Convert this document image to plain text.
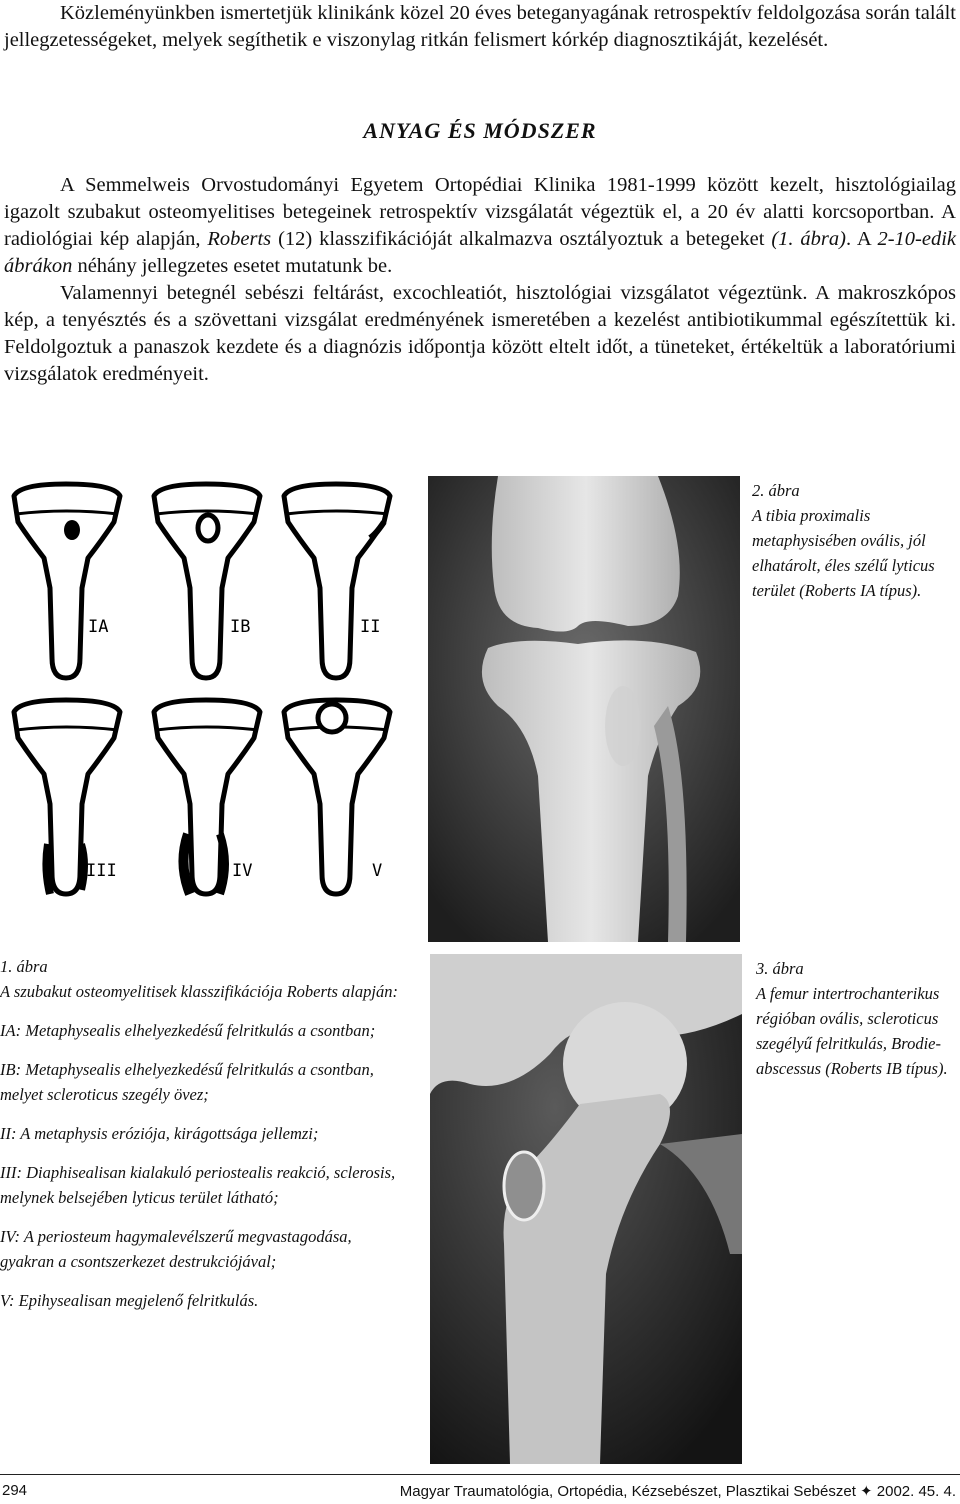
Közleményünkben ismertetjük klinikánk közel 20 éves beteganyagának retrospektív feldolgozása során talált jellegzetességeket, melyek segíthetik e viszonylag ritkán felismert kórkép diagnosztikáját, kezelését.

ANYAG ÉS MÓDSZER

A Semmelweis Orvostudományi Egyetem Ortopédiai Klinika 1981-1999 között kezelt, hisztológiailag igazolt szubakut osteomyelitises betegeinek retrospektív vizsgálatát végeztük el, a 20 év alatti korcsoportban. A radiológiai kép alapján, Roberts (12) klasszifikációját alkalmazva osztályoztuk a betegeket (1. ábra). A 2-10-edik ábrákon néhány jellegzetes esetet mutatunk be.

Valamennyi betegnél sebészi feltárást, excochleatiót, hisztológiai vizsgálatot végeztünk. A makroszkópos kép, a tenyésztés és a szövettani vizsgálat eredményének ismeretében a kezelést antibiotikummal egészítettük ki. Feldolgoztuk a panaszok kezdete és a diagnózis időpontja között eltelt időt, a tüneteket, értékeltük a laboratóriumi vizsgálatok eredményeit.

IA	IB	II
III	IV	V
2. ábra
A tibia proximalis metaphysisében ovális, jól elhatárolt, éles szélű lyticus terület (Roberts IA típus).
3. ábra
A femur intertrochanterikus régióban ovális, scleroticus szegélyű felritkulás, Brodie-abscessus (Roberts IB típus).

1. ábra

A szubakut osteomyelitisek klasszifikációja Roberts alapján:

IA: Metaphysealis elhelyezkedésű felritkulás a csontban;

IB: Metaphysealis elhelyezkedésű felritkulás a csontban, melyet scleroticus szegély övez;

II: A metaphysis eróziója, kirágottsága jellemzi;

III: Diaphisealisan kialakuló periostealis reakció, sclerosis, melynek belsejében lyticus terület látható;

IV: A periosteum hagymalevélszerű megvastagodása, gyakran a csontszerkezet destrukciójával;

V: Epihysealisan megjelenő felritkulás.

294	Magyar Traumatológia, Ortopédia, Kézsebészet, Plasztikai Sebészet ✦ 2002. 45. 4.
